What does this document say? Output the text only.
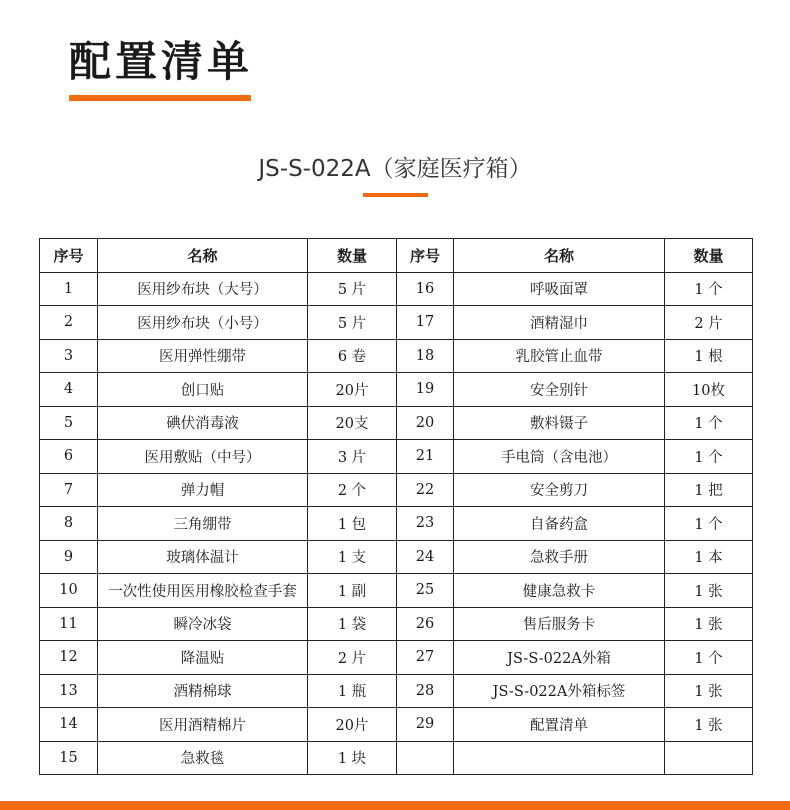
配置清单
JS-S-022A（家庭医疗箱）
序号	名称	数量	序号	名称	数量
1	医用纱布块（大号）	5 片	16	呼吸面罩	1 个
2	医用纱布块（小号）	5 片	17	酒精湿巾	2 片
3	医用弹性绷带	6 卷	18	乳胶管止血带	1 根
4	创口贴	20片	19	安全别针	10枚
5	碘伏消毒液	20支	20	敷料镊子	1 个
6	医用敷贴（中号）	3 片	21	手电筒（含电池）	1 个
7	弹力帽	2 个	22	安全剪刀	1 把
8	三角绷带	1 包	23	自备药盒	1 个
9	玻璃体温计	1 支	24	急救手册	1 本
10	一次性使用医用橡胶检查手套	1 副	25	健康急救卡	1 张
11	瞬冷冰袋	1 袋	26	售后服务卡	1 张
12	降温贴	2 片	27	JS-S-022A外箱	1 个
13	酒精棉球	1 瓶	28	JS-S-022A外箱标签	1 张
14	医用酒精棉片	20片	29	配置清单	1 张
15	急救毯	1 块			
